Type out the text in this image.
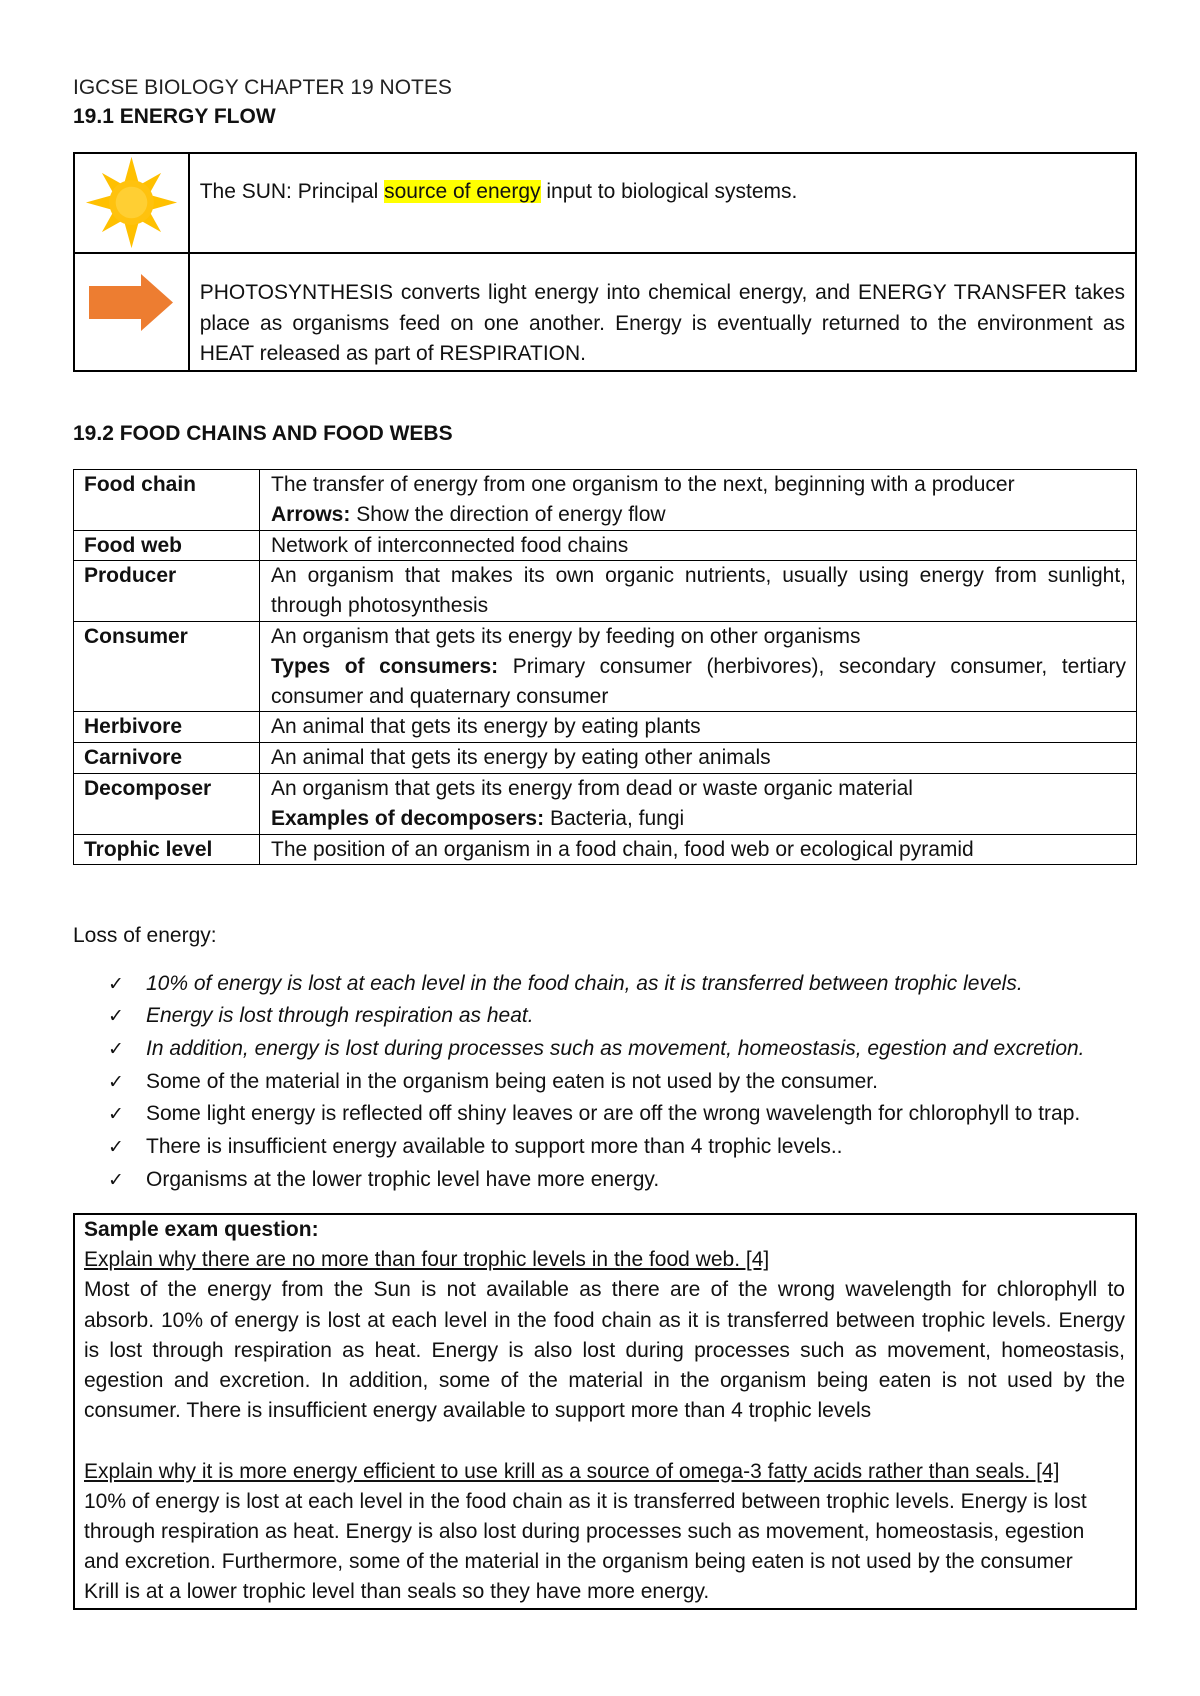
IGCSE BIOLOGY CHAPTER 19 NOTES
19.1 ENERGY FLOW
The SUN: Principal source of energy input to biological systems.
PHOTOSYNTHESIS converts light energy into chemical energy, and ENERGY TRANSFER takes
place as organisms feed on one another. Energy is eventually returned to the environment as
HEAT released as part of RESPIRATION.
19.2 FOOD CHAINS AND FOOD WEBS
Food chain	The transfer of energy from one organism to the next, beginning with a producer
Arrows: Show the direction of energy flow
Food web	Network of interconnected food chains
Producer	An organism that makes its own organic nutrients, usually using energy from sunlight,
through photosynthesis
Consumer	An organism that gets its energy by feeding on other organisms
Types of consumers: Primary consumer (herbivores), secondary consumer, tertiary
consumer and quaternary consumer
Herbivore	An animal that gets its energy by eating plants
Carnivore	An animal that gets its energy by eating other animals
Decomposer	An organism that gets its energy from dead or waste organic material
Examples of decomposers: Bacteria, fungi
Trophic level	The position of an organism in a food chain, food web or ecological pyramid
Loss of energy:
✓ 10% of energy is lost at each level in the food chain, as it is transferred between trophic levels.
✓ Energy is lost through respiration as heat.
✓ In addition, energy is lost during processes such as movement, homeostasis, egestion and excretion.
✓ Some of the material in the organism being eaten is not used by the consumer.
✓ Some light energy is reflected off shiny leaves or are off the wrong wavelength for chlorophyll to trap.
✓ There is insufficient energy available to support more than 4 trophic levels..
✓ Organisms at the lower trophic level have more energy.
Sample exam question:
Explain why there are no more than four trophic levels in the food web. [4]
Most of the energy from the Sun is not available as there are of the wrong wavelength for chlorophyll to
absorb. 10% of energy is lost at each level in the food chain as it is transferred between trophic levels. Energy
is lost through respiration as heat. Energy is also lost during processes such as movement, homeostasis,
egestion and excretion. In addition, some of the material in the organism being eaten is not used by the
consumer. There is insufficient energy available to support more than 4 trophic levels
Explain why it is more energy efficient to use krill as a source of omega-3 fatty acids rather than seals. [4]
10% of energy is lost at each level in the food chain as it is transferred between trophic levels. Energy is lost
through respiration as heat. Energy is also lost during processes such as movement, homeostasis, egestion
and excretion. Furthermore, some of the material in the organism being eaten is not used by the consumer
Krill is at a lower trophic level than seals so they have more energy.
